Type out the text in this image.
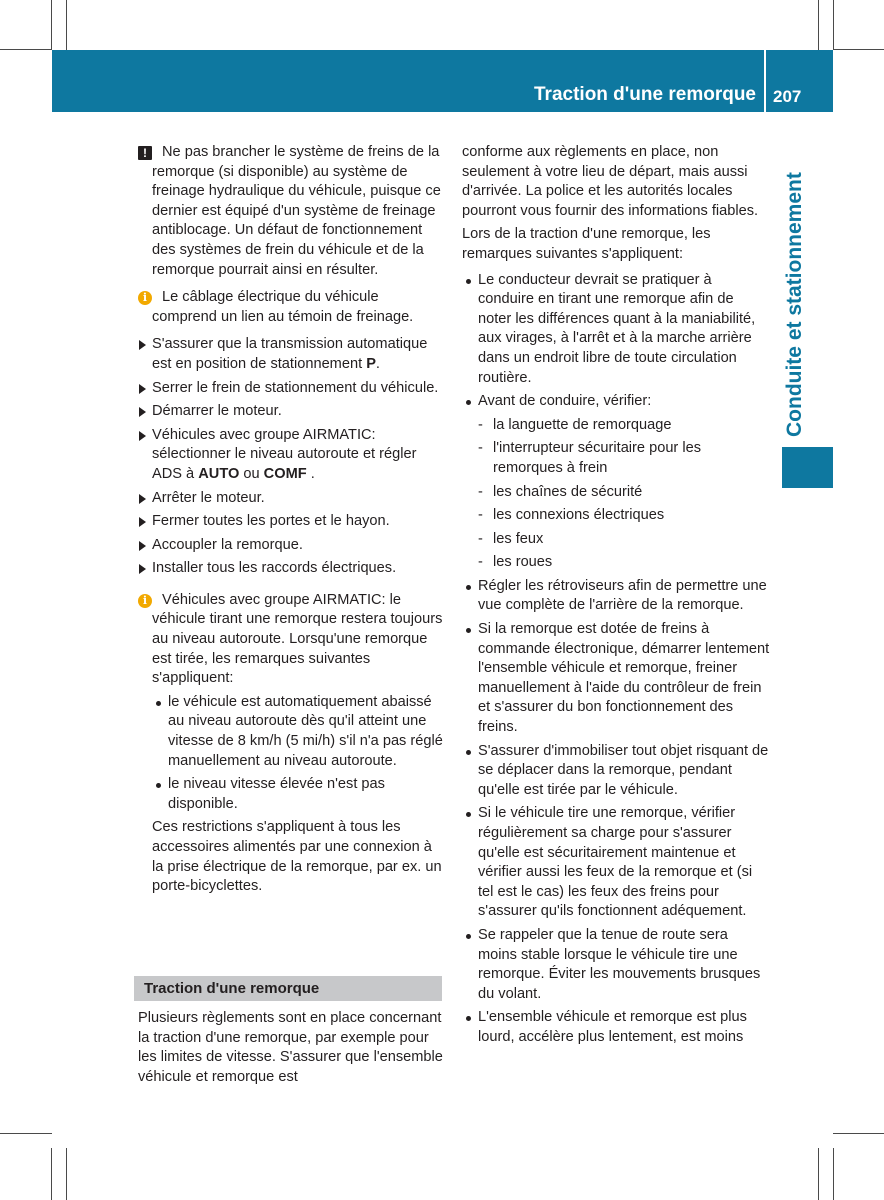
Traction d'une remorque 207
Conduite et stationnement
!	Ne pas brancher le système de freins de la remorque (si disponible) au système de freinage hydraulique du véhicule, puisque ce dernier est équipé d'un système de freinage antiblocage. Un défaut de fonctionnement des systèmes de frein du véhicule et de la remorque pourrait ainsi en résulter.
i	Le câblage électrique du véhicule comprend un lien au témoin de freinage.
S'assurer que la transmission automatique est en position de stationnement P.
Serrer le frein de stationnement du véhicule.
Démarrer le moteur.
Véhicules avec groupe AIRMATIC: sélectionner le niveau autoroute et régler ADS à AUTO ou COMF .
Arrêter le moteur.
Fermer toutes les portes et le hayon.
Accoupler la remorque.
Installer tous les raccords électriques.
i	Véhicules avec groupe AIRMATIC: le véhicule tirant une remorque restera toujours au niveau autoroute. Lorsqu'une remorque est tirée, les remarques suivantes s'appliquent:
le véhicule est automatiquement abaissé au niveau autoroute dès qu'il atteint une vitesse de 8 km/h (5 mi/h) s'il n'a pas réglé manuellement au niveau autoroute.
le niveau vitesse élevée n'est pas disponible.
Ces restrictions s'appliquent à tous les accessoires alimentés par une connexion à la prise électrique de la remorque, par ex. un porte-bicyclettes.
Traction d'une remorque
Plusieurs règlements sont en place concernant la traction d'une remorque, par exemple pour les limites de vitesse. S'assurer que l'ensemble véhicule et remorque est
conforme aux règlements en place, non seulement à votre lieu de départ, mais aussi d'arrivée. La police et les autorités locales pourront vous fournir des informations fiables.
Lors de la traction d'une remorque, les remarques suivantes s'appliquent:
Le conducteur devrait se pratiquer à conduire en tirant une remorque afin de noter les différences quant à la maniabilité, aux virages, à l'arrêt et à la marche arrière dans un endroit libre de toute circulation routière.
Avant de conduire, vérifier:
- la languette de remorquage
- l'interrupteur sécuritaire pour les remorques à frein
- les chaînes de sécurité
- les connexions électriques
- les feux
- les roues
Régler les rétroviseurs afin de permettre une vue complète de l'arrière de la remorque.
Si la remorque est dotée de freins à commande électronique, démarrer lentement l'ensemble véhicule et remorque, freiner manuellement à l'aide du contrôleur de frein et s'assurer du bon fonctionnement des freins.
S'assurer d'immobiliser tout objet risquant de se déplacer dans la remorque, pendant qu'elle est tirée par le véhicule.
Si le véhicule tire une remorque, vérifier régulièrement sa charge pour s'assurer qu'elle est sécuritairement maintenue et vérifier aussi les feux de la remorque et (si tel est le cas) les feux des freins pour s'assurer qu'ils fonctionnent adéquement.
Se rappeler que la tenue de route sera moins stable lorsque le véhicule tire une remorque. Éviter les mouvements brusques du volant.
L'ensemble véhicule et remorque est plus lourd, accélère plus lentement, est moins
